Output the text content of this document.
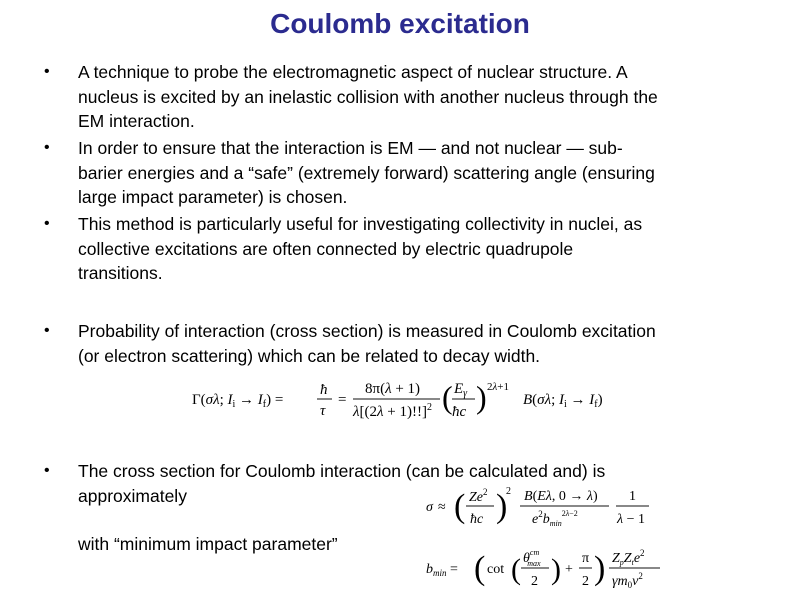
Coulomb excitation
• A technique to probe the electromagnetic aspect of nuclear structure. A
nucleus is excited by an inelastic collision with another nucleus through the
EM interaction.
• In order to ensure that the interaction is EM — and not nuclear — sub-
barier energies and a “safe” (extremely forward) scattering angle (ensuring
large impact parameter) is chosen.
• This method is particularly useful for investigating collectivity in nuclei, as
collective excitations are often connected by electric quadrupole
transitions.
• Probability of interaction (cross section) is measured in Coulomb excitation
(or electron scattering) which can be related to decay width.
• The cross section for Coulomb interaction (can be calculated and) is
approximately
with “minimum impact parameter”
Γ(σλ; $I_i \to I_f$) =
ħ
τ
=
8π(λ + 1)
$\lambda[(2\lambda + 1)!!]^2$ ( $E_\gamma$
ħc ) 2λ+1
B(σλ; $I_i \to I_f$)
σ ≈ ( Ze$^2$
ħc )
2 B(Eλ, 0 → λ)
$e^2b_{min}^{2\lambda-2}$
1
λ − 1
$b_{min}$ = ( cot ( $\theta^{cm}$ max
2 ) +
π
2 ) $Z_pZ_te^2$
$\gamma m_0v^2$
